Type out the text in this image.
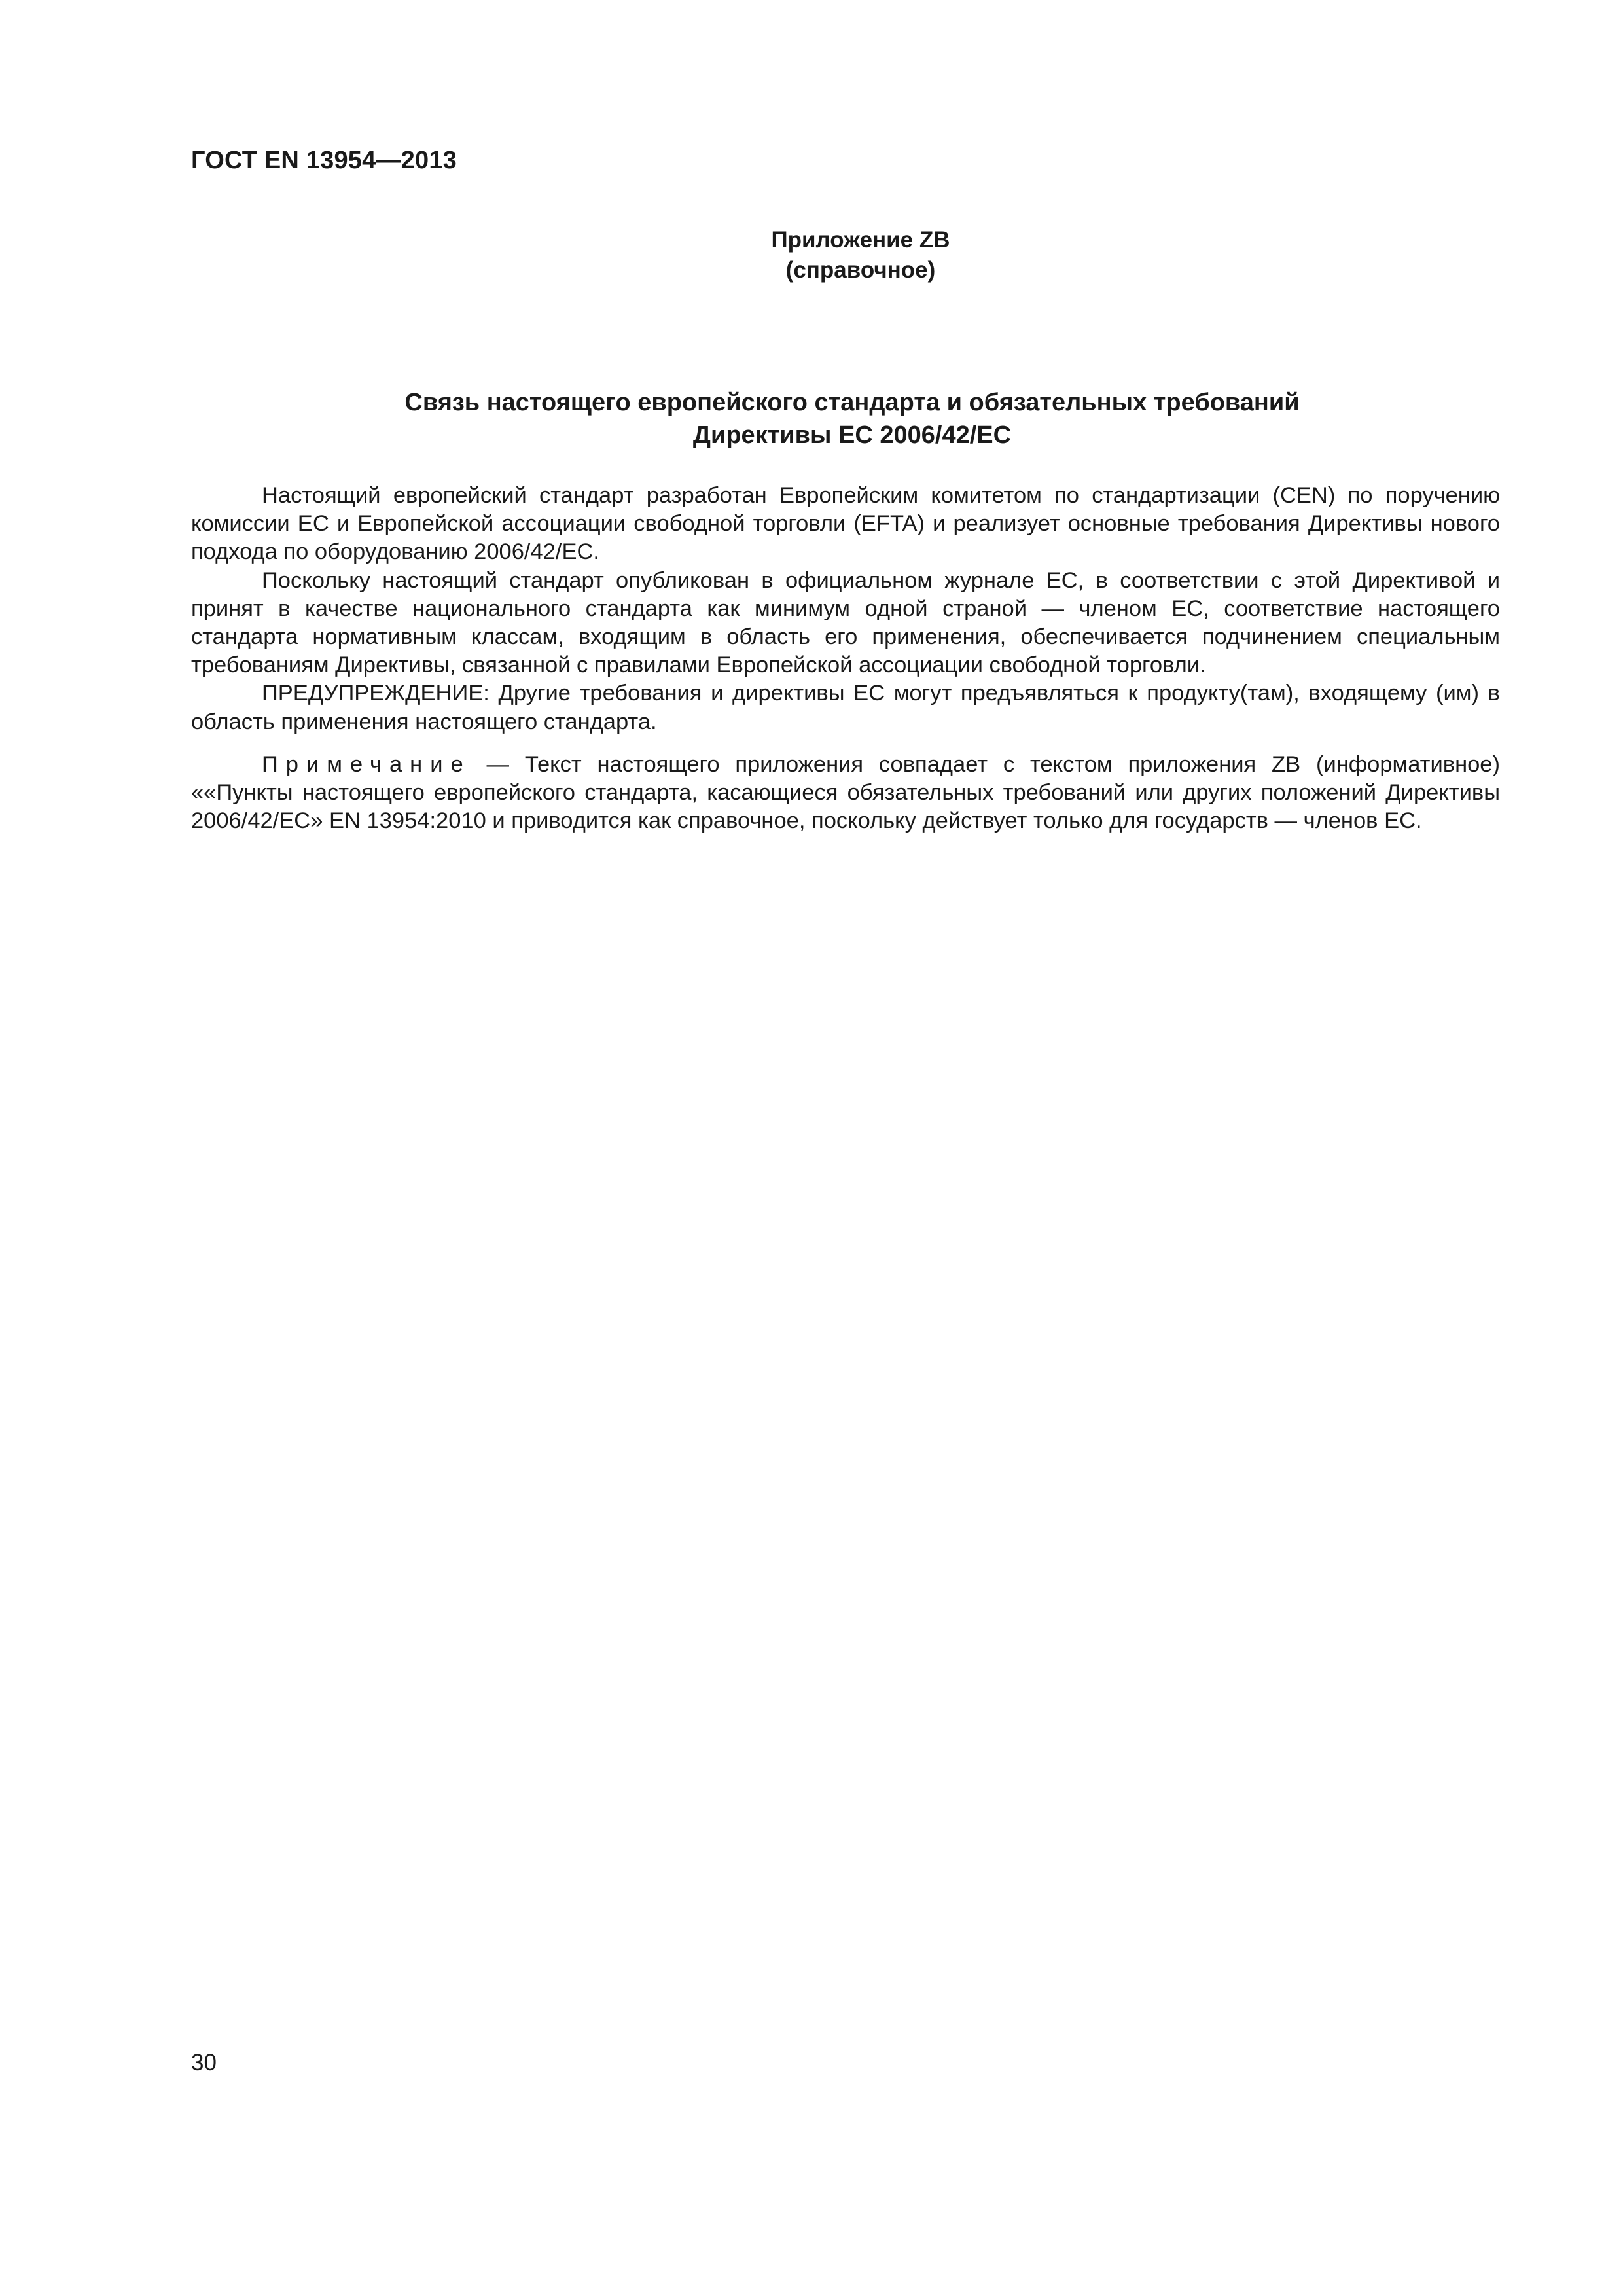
ГОСТ EN 13954—2013
Приложение ZB
(справочное)
Связь настоящего европейского стандарта и обязательных требований
Директивы ЕС 2006/42/ЕС

Настоящий европейский стандарт разработан Европейским комитетом по стандартизации (CEN) по поручению комиссии ЕС и Европейской ассоциации свободной торговли (EFTA) и реализует основные требования Директивы нового подхода по оборудованию 2006/42/ЕС.

Поскольку настоящий стандарт опубликован в официальном журнале ЕС, в соответствии с этой Директивой и принят в качестве национального стандарта как минимум одной страной — членом ЕС, соответствие настоящего стандарта нормативным классам, входящим в область его применения, обеспечивается подчинением специальным требованиям Директивы, связанной с правилами Европейской ассоциации свободной торговли.

ПРЕДУПРЕЖДЕНИЕ: Другие требования и директивы ЕС могут предъявляться к продукту(там), входящему (им) в область применения настоящего стандарта.

Примечание — Текст настоящего приложения совпадает с текстом приложения ZB (информативное) ««Пункты настоящего европейского стандарта, касающиеся обязательных требований или других положений Директивы 2006/42/ЕС» EN 13954:2010 и приводится как справочное, поскольку действует только для государств — членов ЕС.

30
